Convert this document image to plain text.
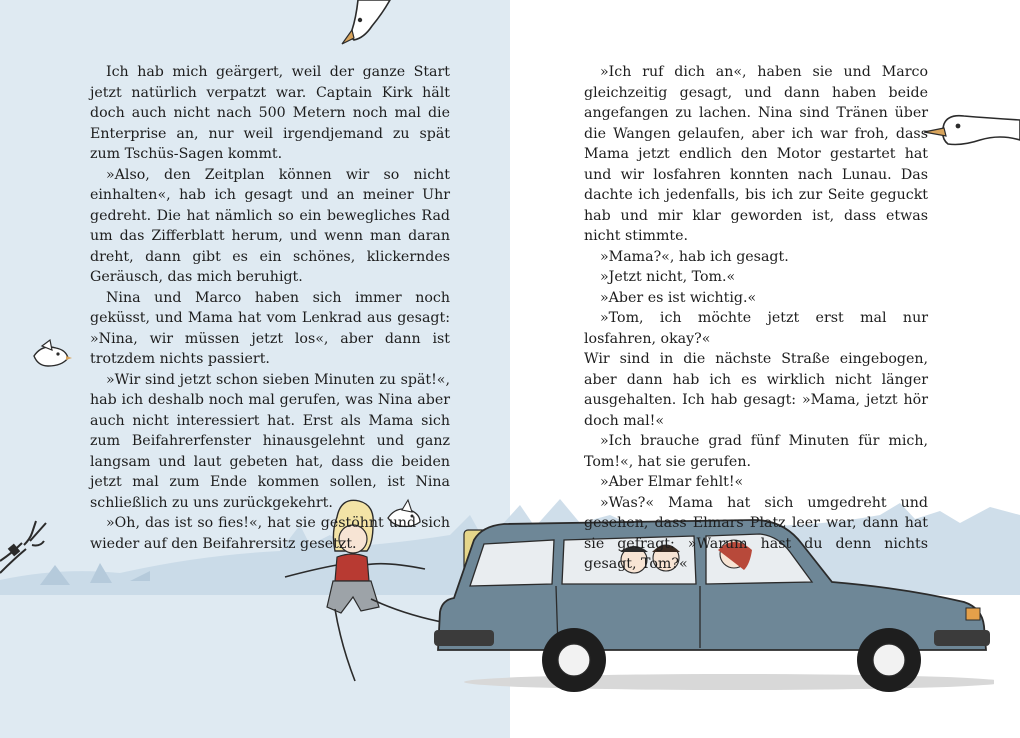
Ich hab mich geärgert, weil der ganze Start jetzt natürlich verpatzt war. Captain Kirk hält doch auch nicht nach 500 Metern noch mal die Enterprise an, nur weil irgendjemand zu spät zum Tschüs-Sagen kommt.

»Also, den Zeitplan können wir so nicht einhalten«, hab ich gesagt und an meiner Uhr gedreht. Die hat nämlich so ein bewegliches Rad um das Zifferblatt herum, und wenn man daran dreht, dann gibt es ein schönes, klickerndes Geräusch, das mich beruhigt.

Nina und Marco haben sich immer noch geküsst, und Mama hat vom Lenkrad aus gesagt: »Nina, wir müssen jetzt los«, aber dann ist trotzdem nichts passiert.

»Wir sind jetzt schon sieben Minuten zu spät!«, hab ich deshalb noch mal gerufen, was Nina aber auch nicht interessiert hat. Erst als Mama sich zum Beifahrerfenster hinausgelehnt und ganz langsam und laut gebeten hat, dass die beiden jetzt mal zum Ende kommen sollen, ist Nina schließlich zu uns zurückgekehrt.

»Oh, das ist so fies!«, hat sie gestöhnt und sich wieder auf den Beifahrersitz gesetzt.

»Ich ruf dich an«, haben sie und Marco gleichzeitig gesagt, und dann haben beide angefangen zu lachen. Nina sind Tränen über die Wangen gelaufen, aber ich war froh, dass Mama jetzt endlich den Motor gestartet hat und wir losfahren konnten nach Lunau. Das dachte ich jedenfalls, bis ich zur Seite geguckt hab und mir klar geworden ist, dass etwas nicht stimmte.

»Mama?«, hab ich gesagt.

»Jetzt nicht, Tom.«

»Aber es ist wichtig.«

»Tom, ich möchte jetzt erst mal nur losfahren, okay?«

Wir sind in die nächste Straße eingebogen, aber dann hab ich es wirklich nicht länger ausgehalten. Ich hab gesagt: »Mama, jetzt hör doch mal!«

»Ich brauche grad fünf Minuten für mich, Tom!«, hat sie gerufen.

»Aber Elmar fehlt!«

»Was?« Mama hat sich umgedreht und gesehen, dass Elmars Platz leer war, dann hat sie gefragt: »Warum hast du denn nichts gesagt, Tom?«
